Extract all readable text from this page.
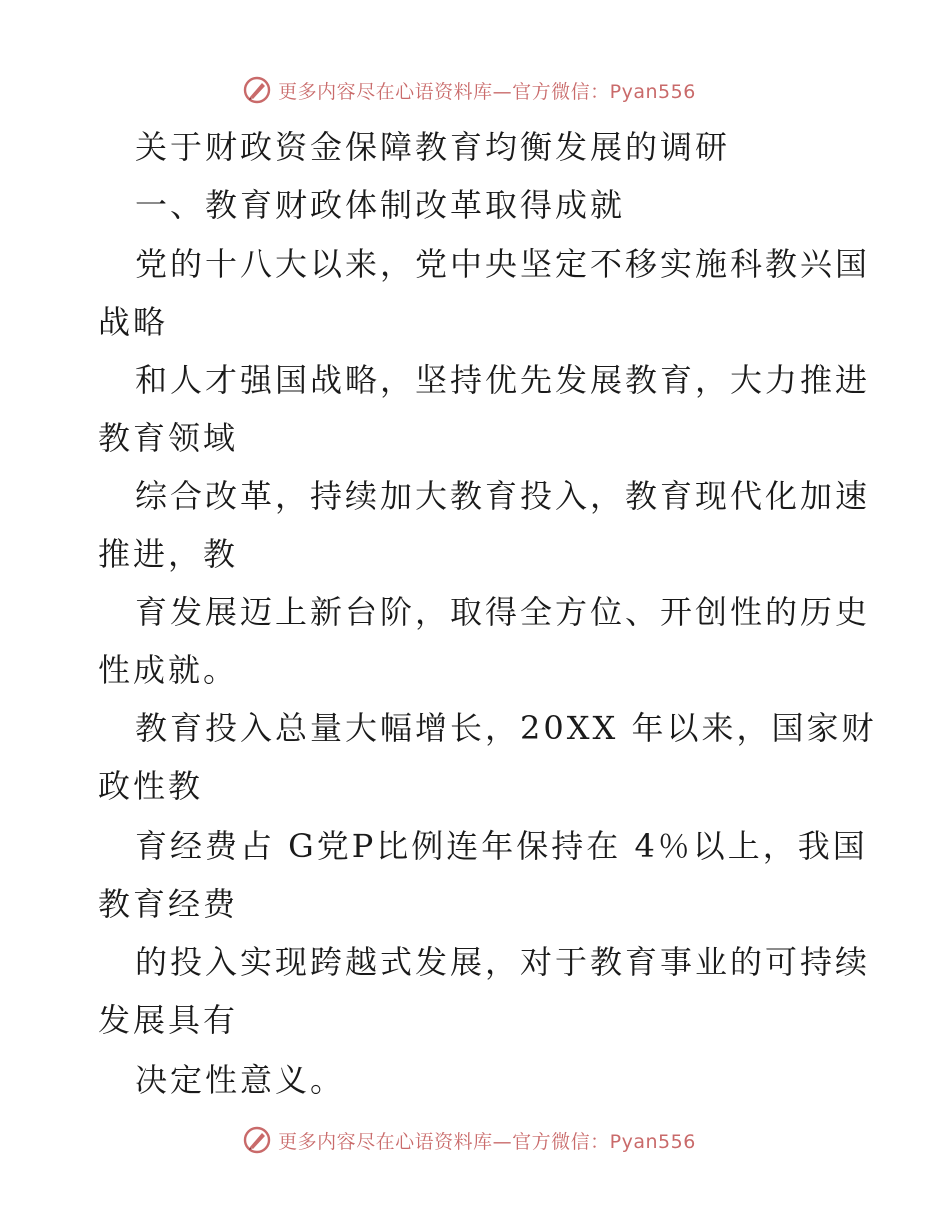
更多内容尽在心语资料库—官方微信：Pyan556
关于财政资金保障教育均衡发展的调研
一、教育财政体制改革取得成就
党的十八大以来，党中央坚定不移实施科教兴国
战略
和人才强国战略，坚持优先发展教育，大力推进
教育领域
综合改革，持续加大教育投入，教育现代化加速
推进，教
育发展迈上新台阶，取得全方位、开创性的历史
性成就。
教育投入总量大幅增长，20XX 年以来，国家财
政性教
育经费占 G党P比例连年保持在 4％以上，我国
教育经费
的投入实现跨越式发展，对于教育事业的可持续
发展具有
决定性意义。
更多内容尽在心语资料库—官方微信：Pyan556
